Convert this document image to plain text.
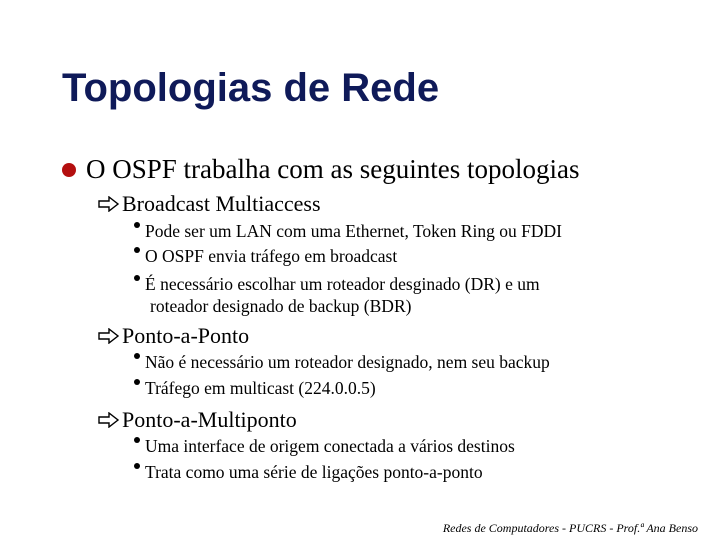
Topologias de Rede
O OSPF trabalha com as seguintes topologias
Broadcast Multiaccess
Pode ser um LAN com uma Ethernet, Token Ring ou FDDI
O OSPF envia tráfego em broadcast
É necessário escolhar um roteador desginado (DR) e um
roteador designado de backup (BDR)
Ponto-a-Ponto
Não é necessário um roteador designado, nem seu backup
Tráfego em multicast (224.0.0.5)
Ponto-a-Multiponto
Uma interface de origem conectada a vários destinos
Trata como uma série de ligações ponto-a-ponto
Redes de Computadores - PUCRS - Prof.ª Ana Benso
